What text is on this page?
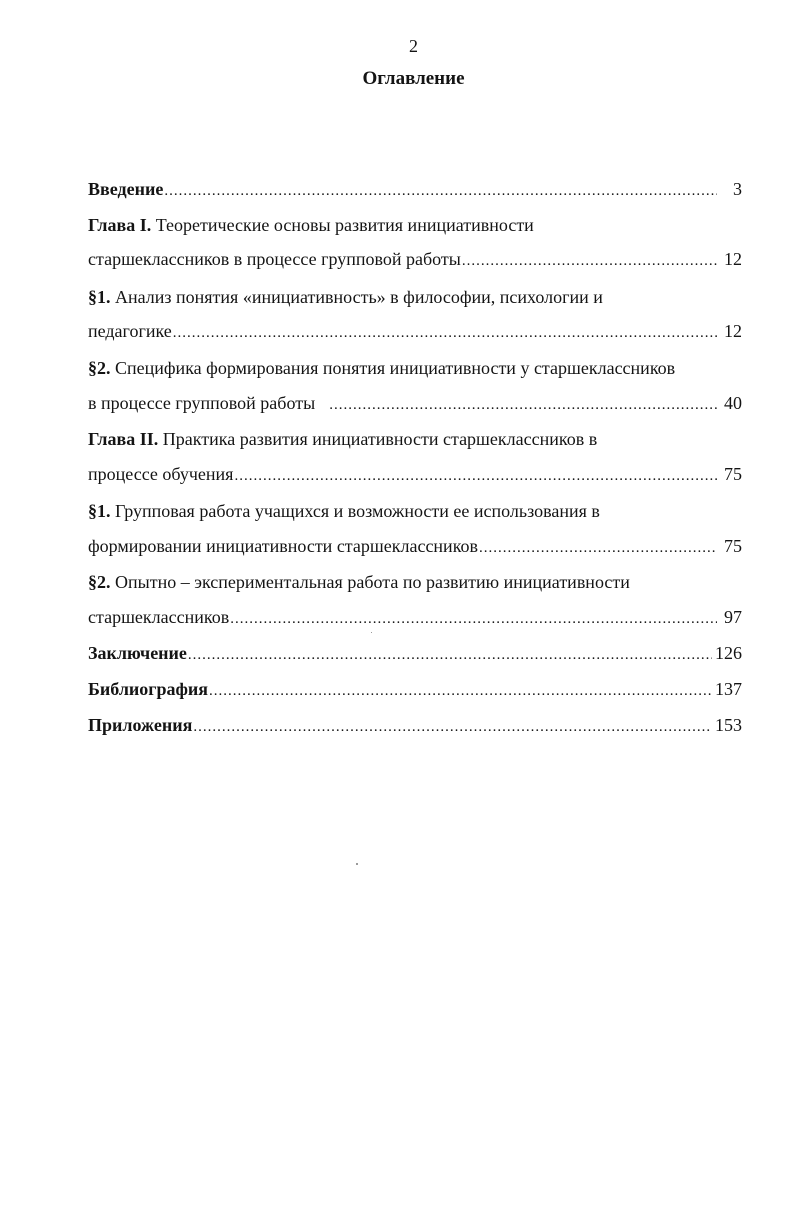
2
Оглавление
Введение .....	3
Глава I. Теоретические основы развития инициативности
старшеклассников в процессе групповой работы .....	12
§1. Анализ понятия «инициативность» в философии, психологии и
педагогике .....	12
§2. Специфика формирования понятия инициативности у старшеклассников
в процессе групповой работы .....	40
Глава II. Практика развития инициативности старшеклассников в
процессе обучения .....	75
§1. Групповая работа учащихся и возможности ее использования в
формировании инициативности старшеклассников .....	75
§2. Опытно – экспериментальная работа по развитию инициативности
старшеклассников .....	97
Заключение .....	126
Библиография .....	137
Приложения .....	153
